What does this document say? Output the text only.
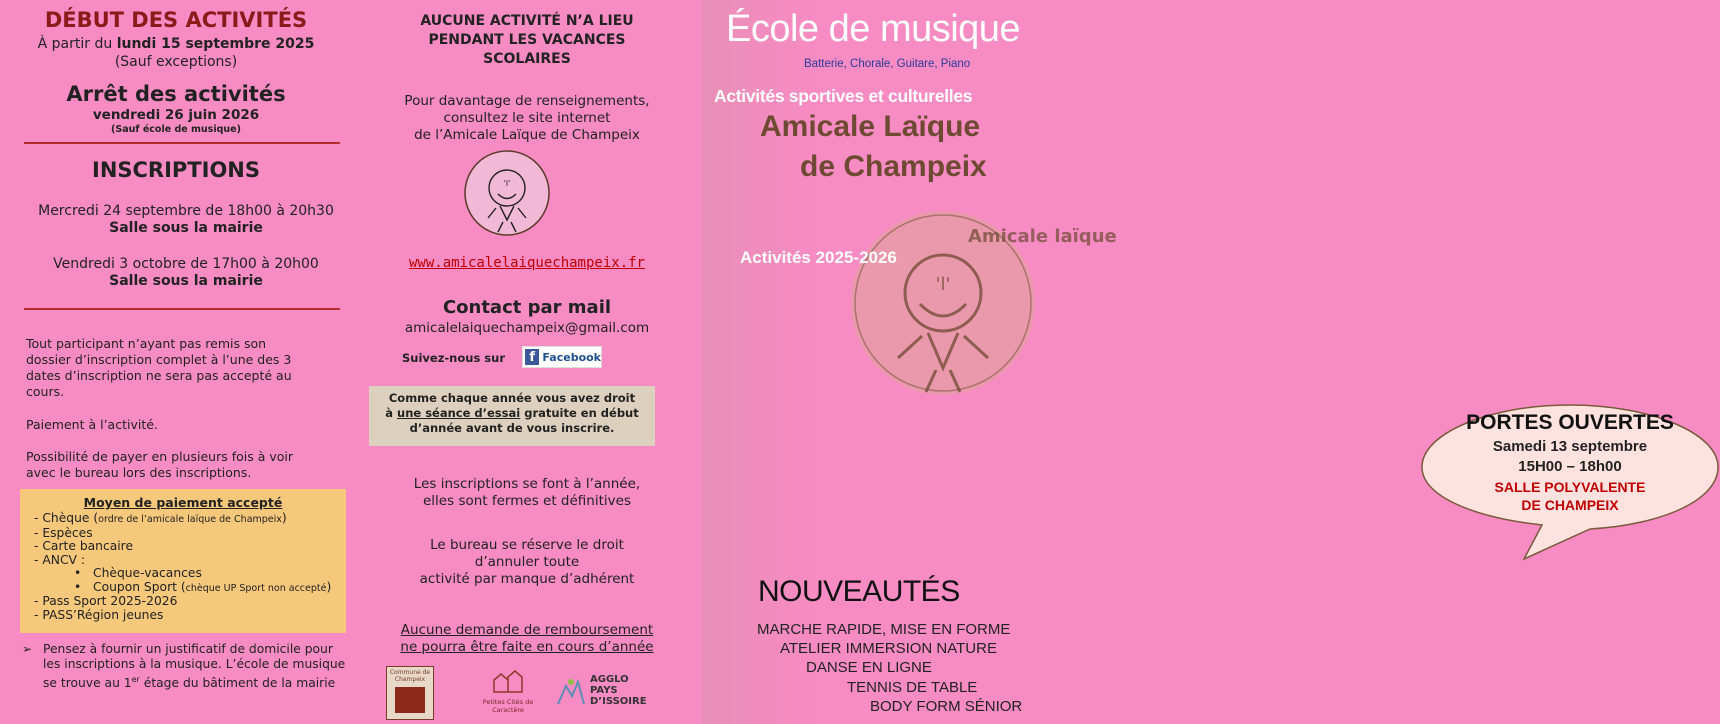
DÉBUT DES ACTIVITÉS
À partir du lundi 15 septembre 2025
(Sauf exceptions)
Arrêt des activités
vendredi 26 juin 2026
(Sauf école de musique)
INSCRIPTIONS
Mercredi 24 septembre de 18h00 à 20h30
Salle sous la mairie
Vendredi 3 octobre de 17h00 à 20h00
Salle sous la mairie
Tout participant n’ayant pas remis son
dossier d’inscription complet à l’une des 3
dates d’inscription ne sera pas accepté au
cours.
Paiement à l’activité.
Possibilité de payer en plusieurs fois à voir
avec le bureau lors des inscriptions.
Moyen de paiement accepté
- Chèque (ordre de l’amicale laïque de Champeix)
- Espèces
- Carte bancaire
- ANCV :
•   Chèque-vacances
•   Coupon Sport (chèque UP Sport non accepté)
- Pass Sport 2025-2026
- PASS’Région jeunes
➢ Pensez à fournir un justificatif de domicile pour
les inscriptions à la musique. L’école de musique
se trouve au 1er étage du bâtiment de la mairie
AUCUNE ACTIVITÉ N’A LIEU
PENDANT LES VACANCES
SCOLAIRES
Pour davantage de renseignements,
consultez le site internet
de l’Amicale Laïque de Champeix
'l'
www.amicalelaiquechampeix.fr
Contact par mail
amicalelaiquechampeix@gmail.com
Suivez-nous sur	f Facebook
Comme chaque année vous avez droit
à une séance d’essai gratuite en début
d’année avant de vous inscrire.
Les inscriptions se font à l’année,
elles sont fermes et définitives
Le bureau se réserve le droit
d’annuler toute
activité par manque d’adhérent
Aucune demande de remboursement
ne pourra être faite en cours d’année
Commune de Champeix
Petites Cités de Caractère
AGGLO
PAYS
D’ISSOIRE
École de musique
Batterie, Chorale, Guitare, Piano
Activités sportives et culturelles
Amicale Laïque
de Champeix
'l'
Amicale laïque
Activités 2025-2026
PORTES OUVERTES
Samedi 13 septembre
15H00 – 18h00
SALLE POLYVALENTE
DE CHAMPEIX
NOUVEAUTÉS
MARCHE RAPIDE, MISE EN FORME
ATELIER IMMERSION NATURE
DANSE EN LIGNE
TENNIS DE TABLE
BODY FORM SÉNIOR
